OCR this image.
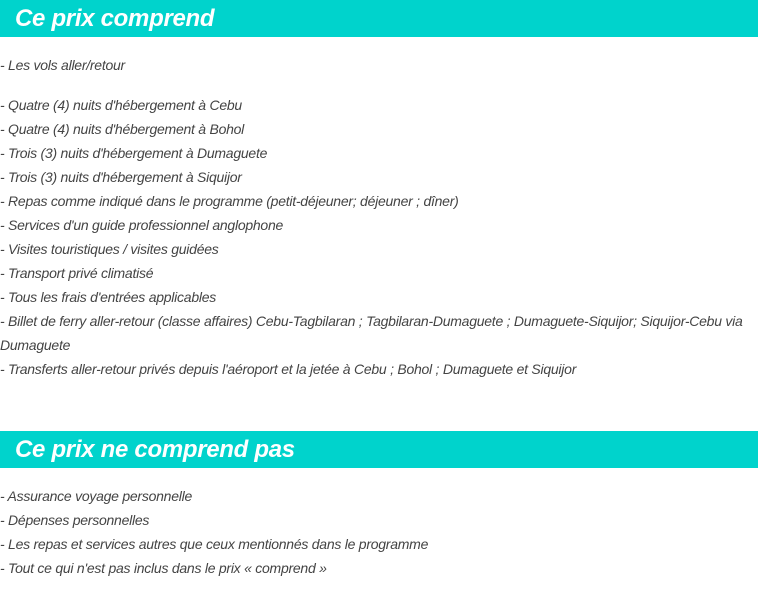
Ce prix comprend
- Les vols aller/retour
- Quatre (4) nuits d'hébergement à Cebu
- Quatre (4) nuits d'hébergement à Bohol
- Trois (3) nuits d'hébergement à Dumaguete
- Trois (3) nuits d'hébergement à Siquijor
- Repas comme indiqué dans le programme (petit-déjeuner; déjeuner ; dîner)
- Services d'un guide professionnel anglophone
- Visites touristiques / visites guidées
- Transport privé climatisé
- Tous les frais d'entrées applicables
- Billet de ferry aller-retour (classe affaires) Cebu-Tagbilaran ; Tagbilaran-Dumaguete ; Dumaguete-Siquijor; Siquijor-Cebu via Dumaguete
- Transferts aller-retour privés depuis l'aéroport et la jetée à Cebu ; Bohol ; Dumaguete et Siquijor
Ce prix ne comprend pas
- Assurance voyage personnelle
- Dépenses personnelles
- Les repas et services autres que ceux mentionnés dans le programme
- Tout ce qui n'est pas inclus dans le prix « comprend »
